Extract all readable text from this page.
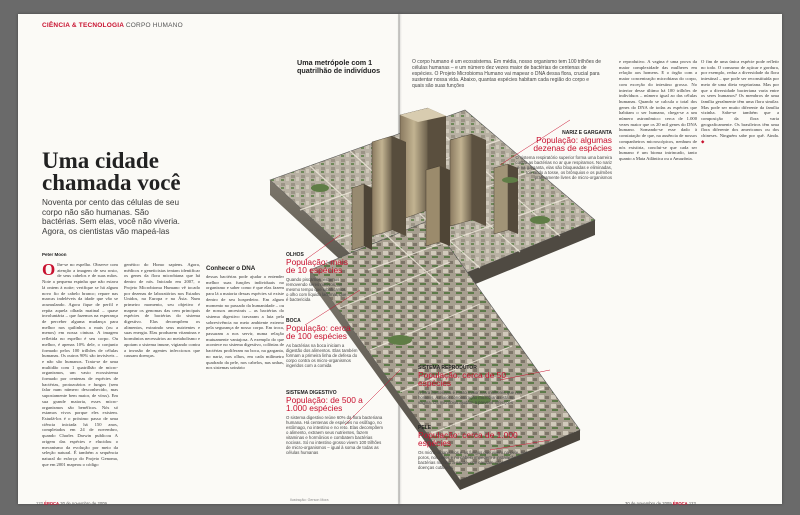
CIÊNCIA & TECNOLOGIA CORPO HUMANO
Uma cidade chamada você

Noventa por cento das células de seu corpo não são humanas. São bactérias. Sem elas, você não viveria. Agora, os cientistas vão mapeá-las

Peter Moon
O lhe-se no espelho. Observe com atenção a imagem de seu rosto, de seus cabelos e de suas mãos. Note a pequena espinha que não estava lá ontem à noite; verifique se há algum novo fio de cabelo branco; repare nas marcas indeléveis da idade que vão se acumulando. Agora fique de perfil e repita aquela olhada matinal – quase involuntária – que fazemos na esperança de perceber alguma mudança para melhor nos quilinhos a mais (ou a menos) em nossa cintura. A imagem refletida no espelho é seu corpo. Ou melhor, é apenas 10% dele, o conjunto formado pelos 100 trilhões de células humanas. Os outros 90% são invisíveis – e não são humanos. Trata-se de uma multidão com 1 quatrilhão de micro-organismos, um vasto ecossistema formado por centenas de espécies de bactérias, protozoários e fungos (sem falar num número desconhecido, mas supostamente bem maior, de vírus). Em sua grande maioria, esses micro-organismos são benéficos. Nós só estamos vivos porque eles existem. Estudá-los é o próximo passo de uma ciência iniciada há 150 anos, completados em 24 de novembro, quando Charles Darwin publicou A origem das espécies e elucidou o mecanismo da evolução por meio da seleção natural. É também a sequência natural do esforço do Projeto Genoma, que em 2001 mapeou o código
genético do Homo sapiens. Agora, médicos e geneticistas tentam identificar os genes da flora microbiana que há dentro de nós. Iniciado em 2007, o Projeto Microbioma Humano vê tocado por dezenas de laboratórios nos Estados Unidos, na Europa e na Ásia. Num primeiro momento, seu objetivo é mapear os genomas das cem principais espécies de bactérias do sistema digestivo. Elas decompõem os alimentos, extraindo seus nutrientes e suas energia. Elas produzem vitaminas e hormônios necessários ao metabolismo e apoiam o sistema imune, vigiando contra a invasão de agentes infecciosos que causam doenças.
Conhecer o DNA
dessas bactérias pode ajudar a entender melhor suas funções individuais no organismo e saber como é que elas fazem para lá a maioria dessas espécies só existe dentro de seu hospedeiro. Em algum momento no passado da humanidade – ou de nossos ancestrais – as bactérias do sistema digestivo travaram a luta pela sobrevivência no meio ambiente externo pela segurança de nosso corpo. Em troca, passaram a nos servir, numa relação mutuamente vantajosa. A exemplo do que acontece no sistema digestivo, colônias de bactérias proliferam na boca, na garganta, no nariz, nos olhos, em cada milímetro quadrado da pele, nos cabelos, nas unhas, nos sistemas urinário
Uma metrópole com 1 quatrilhão de indivíduos

O corpo humano é um ecossistema. Em média, nosso organismo tem 100 trilhões de células humanas – e um número dez vezes maior de bactérias de centenas de espécies. O Projeto Microbioma Humano vai mapear o DNA dessa flora, crucial para sustentar nossa vida. Abaixo, quantas espécies habitam cada região do corpo e quais são suas funções

NARIZ E GARGANTA
População: algumas dezenas de espécies
O sistema respiratório superior forma uma barreira contra as bactérias no ar que respiramos. No nariz e na garganta, elas são bloqueadas e eliminadas, tornando a tosse, os brônquios e os pulmões praticamente livres de micro-organismos
OLHOS
População: mais de 10 espécies
Quando piscamos, estamos removendo seres nocivos, ao mesmo tempo que lubrificamos o olho com líquido lacrimal, que é bactericida
BOCA
População: cerca de 100 espécies
As bactérias na boca iniciam a digestão dos alimentos. Elas também formam a primeira linha de defesa do corpo contra os micro-organismos ingeridos com a comida
SISTEMA DIGESTIVO
População: de 500 a 1.000 espécies
O sistema digestivo reúne 60% da flora bacteriana humana. Há centenas de espécies no esôfago, no estômago, no intestino e no reto. Elas decompõem o alimento, extraem seus nutrientes, fazem vitaminas e hormônios e combatem bactérias nocivas. Só no intestino grosso vivem 100 trilhões de micro-organismos – igual à soma de todas as células humanas
SISTEMA REPRODUTOR
População: cerca de 50 espécies
A flora bacteriana é muito maior nas mulheres que nos homens. A maior concentração microbiana está na vagina. Os micróbios ajudam a prevenir infecções
PELE
População: cerca de 1.000 espécies
Os micro-organismos e os fungos que vivem na pele, nos poros, nos pelos e no cabelo impedem a instalação de bactérias nocivas à saúde, que causam infecções e doenças cutâneas

e reprodutivo. A vagina é uma prova da maior complexidade das mulheres em relação aos homens. E o órgão com a maior concentração microbiana do corpo, com exceção do intestino grosso. No interior desse último há 100 trilhões de indivíduos – número igual ao das células humanas. Quando se calcula o total dos genes do DNA de todas as espécies que habitam o ser humano, chega-se a um número astronômico: cerca de 1.000 vezes maior que os 20 mil genes do DNA humano. Somando-se esse dado à constatação de que, na ausência de nossos companheiros microscópicos, nenhum de nós existiria, conclui-se que cada ser humano é um bioma intrincado, tanto quanto a Mata Atlântica ou a Amazônia.

O fim de uma única espécie pode refletir no todo. O consumo de açúcar e gordura, por exemplo, reduz a diversidade da flora intestinal – que pode ser reconstituída por meio de uma dieta vegetariana. Mas por que a diversidade bacteriana varia entre os seres humanos? Os membros de uma família geralmente têm uma flora similar. Mas pode ser muito diferente da família vizinha. Sabe-se também que a composição da flora varia geograficamente. Os brasileiros têm uma flora diferente dos americanos ou dos chineses. Ninguém sabe por quê. Ainda. ◆
122 ÉPOCA 30 de novembro de 2009
Ilustração: Gerson Mora
30 de novembro de 2009 ÉPOCA 123
